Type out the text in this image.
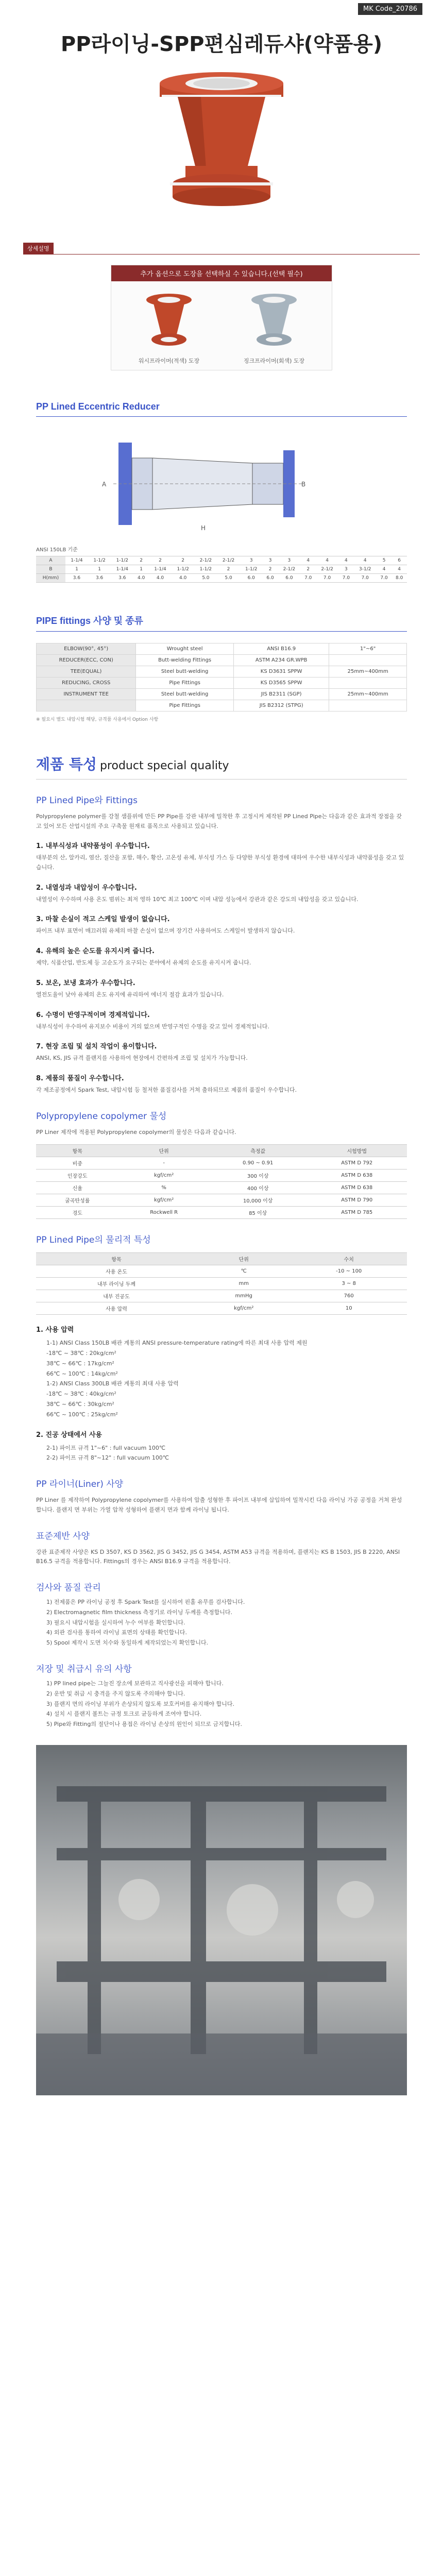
MK Code_20786
PP라이닝-SPP편심레듀샤(약품용)
상세설명
추가 옵션으로 도장을 선택하실 수 있습니다.(선택 필수)
워시프라이머(적색) 도장	징크프라이머(회색) 도장
PP Lined Eccentric Reducer
A	B
H
ANSI 150LB 기준
A	1-1/4	1-1/2	1-1/2	2	2	2	2-1/2	2-1/2	3	3	3	4	4	4	4	5	6
B	1	1	1-1/4	1	1-1/4	1-1/2	1-1/2	2	1-1/2	2	2-1/2	2	2-1/2	3	3-1/2	4	4
H(mm)	3.6	3.6	3.6	4.0	4.0	4.0	5.0	5.0	6.0	6.0	6.0	7.0	7.0	7.0	7.0	7.0	8.0
PIPE fittings 사양 및 종류
ELBOW(90°, 45°)	Wrought steel	ANSI B16.9	1"~6"
REDUCER(ECC, CON)	Butt-welding Fittings	ASTM A234 GR.WPB	
TEE(EQUAL)	Steel butt-welding	KS D3631 SPPW	25mm~400mm
REDUCING, CROSS	Pipe Fittings	KS D3565 SPPW	
INSTRUMENT TEE	Steel butt-welding	JIS B2311 (SGP)	25mm~400mm
	Pipe Fittings	JIS B2312 (STPG)	
※ 필요시 별도 내압시험 해당, 규격품 사용에서 Option 사항
제품 특성 product special quality
PP Lined Pipe와 Fittings
Polypropylene polymer를 강철 샘플위에 만든 PP Pipe를 강관 내부에 밀착한 후 고정시켜 제작된 PP Lined Pipe는 다음과 같은 효과적 장점을 갖고 있어 모든 산업시설의 주요 구축물 원재료 품목으로 사용되고 있습니다.
1. 내부식성과 내약품성이 우수합니다.
대부분의 산, 알카리, 염산, 질산을 포함, 해수, 황산, 고온성 유체, 부식성 가스 등 다양한 부식성 환경에 대하여 우수한 내부식성과 내약품성을 갖고 있습니다.
2. 내열성과 내압성이 우수합니다.
내열성이 우수하며 사용 온도 범위는 최저 영하 10℃ 최고 100℃ 이며 내압 성능에서 강관과 같은 강도의 내압성을 갖고 있습니다.
3. 마찰 손실이 적고 스케일 발생이 없습니다.
파이프 내부 표면이 매끄러워 유체의 마찰 손실이 없으며 장기간 사용하여도 스케일이 발생하지 않습니다.
4. 유해의 높은 순도를 유지시켜 줍니다.
제약, 식품산업, 반도체 등 고순도가 요구되는 분야에서 유체의 순도를 유지시켜 줍니다.
5. 보온, 보냉 효과가 우수합니다.
열전도율이 낮아 유체의 온도 유지에 유리하여 에너지 절감 효과가 있습니다.
6. 수명이 반영구적이며 경제적입니다.
내부식성이 우수하여 유지보수 비용이 거의 없으며 반영구적인 수명을 갖고 있어 경제적입니다.
7. 현장 조립 및 설치 작업이 용이합니다.
ANSI, KS, JIS 규격 플랜지를 사용하여 현장에서 간편하게 조립 및 설치가 가능합니다.
8. 제품의 품질이 우수합니다.
각 제조공정에서 Spark Test, 내압시험 등 철저한 품질검사를 거쳐 출하되므로 제품의 품질이 우수합니다.
Polypropylene copolymer 물성
PP Liner 제작에 적용된 Polypropylene copolymer의 물성은 다음과 같습니다.
항목	단위	측정값	시험방법
비중	-	0.90 ~ 0.91	ASTM D 792
인장강도	kgf/cm²	300 이상	ASTM D 638
신율	%	400 이상	ASTM D 638
굴곡탄성률	kgf/cm²	10,000 이상	ASTM D 790
경도	Rockwell R	85 이상	ASTM D 785
PP Lined Pipe의 물리적 특성
항목	단위	수치
사용 온도	℃	-10 ~ 100
내부 라이닝 두께	mm	3 ~ 8
내부 진공도	mmHg	760
사용 압력	kgf/cm²	10
1. 사용 압력
1-1) ANSI Class 150LB 배관 계통의 ANSI pressure-temperature rating에 따른 최대 사용 압력 제원
-18℃ ~ 38℃ : 20kg/cm²
38℃ ~ 66℃ : 17kg/cm²
66℃ ~ 100℃ : 14kg/cm²
1-2) ANSI Class 300LB 배관 계통의 최대 사용 압력
-18℃ ~ 38℃ : 40kg/cm²
38℃ ~ 66℃ : 30kg/cm²
66℃ ~ 100℃ : 25kg/cm²
2. 진공 상태에서 사용
2-1) 파이프 규격 1"~6" : full vacuum 100℃
2-2) 파이프 규격 8"~12" : full vacuum 100℃
PP 라이너(Liner) 사양
PP Liner 를 제작하여 Polypropylene copolymer를 사용하여 압출 성형한 후 파이프 내부에 삽입하여 밀착시킨 다음 라이닝 가공 공정을 거쳐 완성합니다. 플랜지 면 부위는 가열 압착 성형하여 플랜지 면과 함께 라이닝 됩니다.
표준제반 사양
강관 표준제작 사양은 KS D 3507, KS D 3562, JIS G 3452, JIS G 3454, ASTM A53 규격을 적용하며, 플랜지는 KS B 1503, JIS B 2220, ANSI B16.5 규격을 적용합니다. Fittings의 경우는 ANSI B16.9 규격을 적용합니다.
검사와 품질 관리
1) 전제품은 PP 라이닝 공정 후 Spark Test를 실시하여 핀홀 유무를 검사합니다.
2) Electromagnetic film thickness 측정기로 라이닝 두께를 측정합니다.
3) 필요시 내압시험을 실시하여 누수 여부를 확인합니다.
4) 외관 검사를 통하여 라이닝 표면의 상태를 확인합니다.
5) Spool 제작시 도면 치수와 동일하게 제작되었는지 확인합니다.
저장 및 취급시 유의 사항
1) PP lined pipe는 그늘진 장소에 보관하고 직사광선을 피해야 합니다.
2) 운반 및 취급 시 충격을 주지 않도록 주의해야 합니다.
3) 플랜지 면의 라이닝 부위가 손상되지 않도록 보호커버를 유지해야 합니다.
4) 설치 시 플랜지 볼트는 규정 토크로 균등하게 조여야 합니다.
5) Pipe와 Fitting의 절단이나 용접은 라이닝 손상의 원인이 되므로 금지합니다.
